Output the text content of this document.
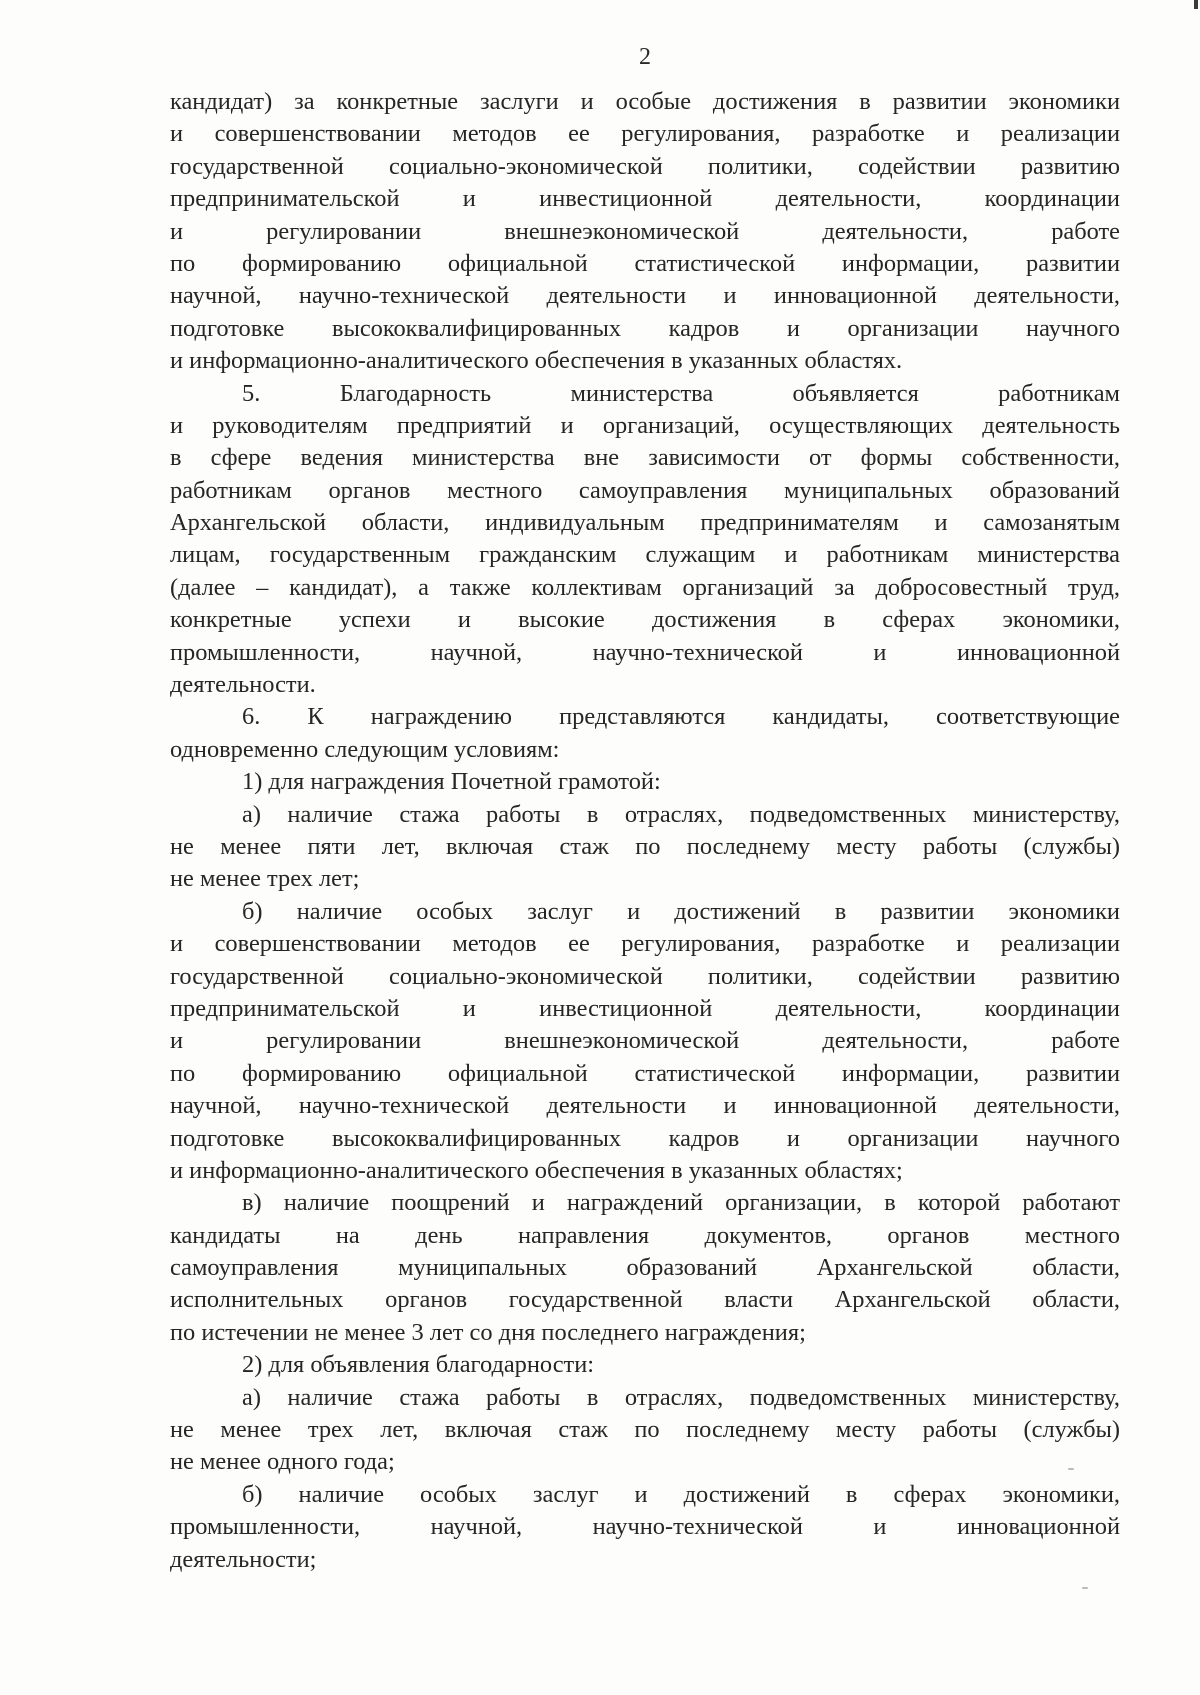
2
кандидат) за конкретные заслуги и особые достижения в развитии экономики
и совершенствовании методов ее регулирования, разработке и реализации
государственной социально-экономической политики, содействии развитию
предпринимательской и инвестиционной деятельности, координации
и регулировании внешнеэкономической деятельности, работе
по формированию официальной статистической информации, развитии
научной, научно-технической деятельности и инновационной деятельности,
подготовке высококвалифицированных кадров и организации научного
и информационно-аналитического обеспечения в указанных областях.
5. Благодарность министерства объявляется работникам
и руководителям предприятий и организаций, осуществляющих деятельность
в сфере ведения министерства вне зависимости от формы собственности,
работникам органов местного самоуправления муниципальных образований
Архангельской области, индивидуальным предпринимателям и самозанятым
лицам, государственным гражданским служащим и работникам министерства
(далее – кандидат), а также коллективам организаций за добросовестный труд,
конкретные успехи и высокие достижения в сферах экономики,
промышленности, научной, научно-технической и инновационной
деятельности.
6. К награждению представляются кандидаты, соответствующие
одновременно следующим условиям:
1) для награждения Почетной грамотой:
а) наличие стажа работы в отраслях, подведомственных министерству,
не менее пяти лет, включая стаж по последнему месту работы (службы)
не менее трех лет;
б) наличие особых заслуг и достижений в развитии экономики
и совершенствовании методов ее регулирования, разработке и реализации
государственной социально-экономической политики, содействии развитию
предпринимательской и инвестиционной деятельности, координации
и регулировании внешнеэкономической деятельности, работе
по формированию официальной статистической информации, развитии
научной, научно-технической деятельности и инновационной деятельности,
подготовке высококвалифицированных кадров и организации научного
и информационно-аналитического обеспечения в указанных областях;
в) наличие поощрений и награждений организации, в которой работают
кандидаты на день направления документов, органов местного
самоуправления муниципальных образований Архангельской области,
исполнительных органов государственной власти Архангельской области,
по истечении не менее 3 лет со дня последнего награждения;
2) для объявления благодарности:
а) наличие стажа работы в отраслях, подведомственных министерству,
не менее трех лет, включая стаж по последнему месту работы (службы)
не менее одного года;
б) наличие особых заслуг и достижений в сферах экономики,
промышленности, научной, научно-технической и инновационной
деятельности;
